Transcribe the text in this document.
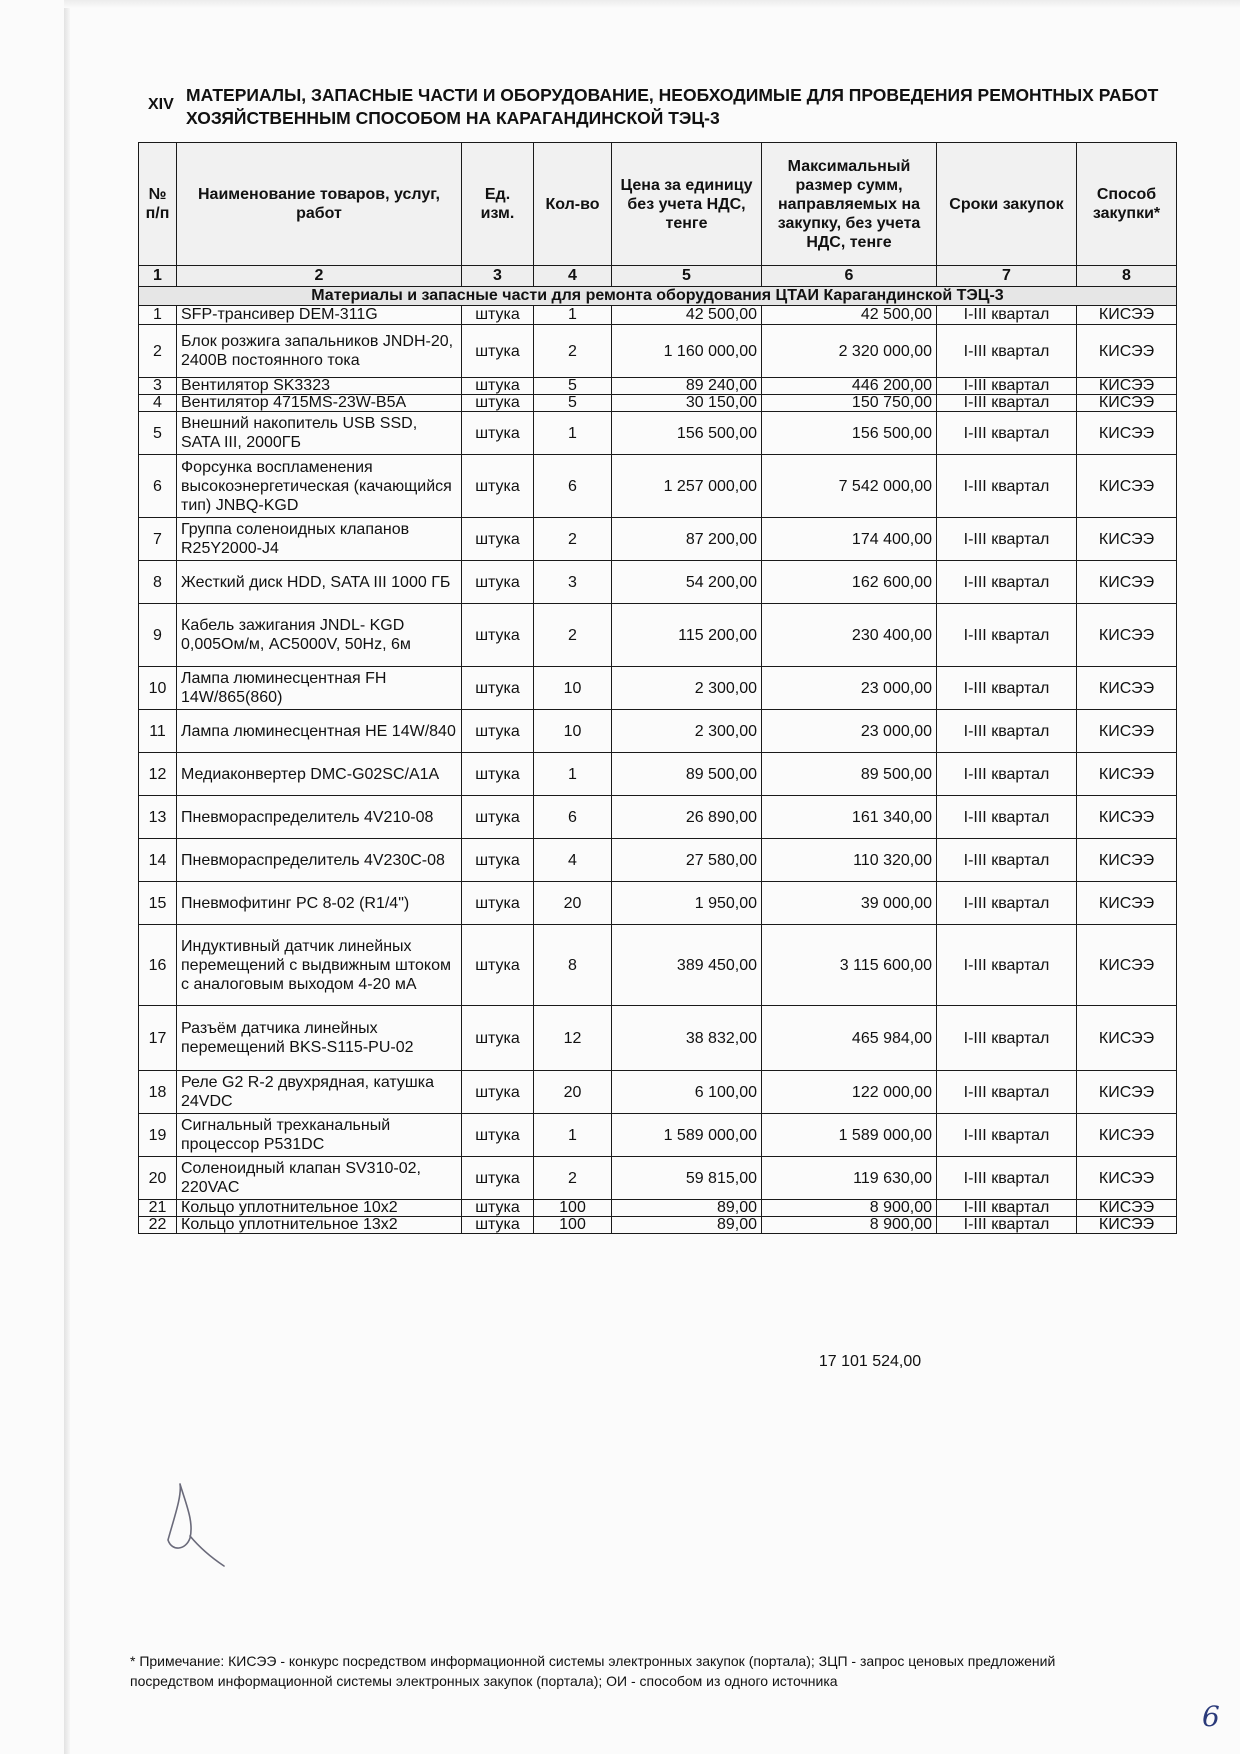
XIV МАТЕРИАЛЫ, ЗАПАСНЫЕ ЧАСТИ И ОБОРУДОВАНИЕ, НЕОБХОДИМЫЕ ДЛЯ ПРОВЕДЕНИЯ РЕМОНТНЫХ РАБОТ
ХОЗЯЙСТВЕННЫМ СПОСОБОМ НА КАРАГАНДИНСКОЙ ТЭЦ-3
№ п/п	Наименование товаров, услуг, работ	Ед. изм.	Кол-во	Цена за единицу без учета НДС, тенге	Максимальный размер сумм, направляемых на закупку, без учета НДС, тенге	Сроки закупок	Способ закупки*
1	2	3	4	5	6	7	8
Материалы и запасные части для ремонта оборудования ЦТАИ Карагандинской ТЭЦ-3							
1	SFP-трансивер DEM-311G	штука	1	42 500,00	42 500,00	I-III квартал	КИСЭЭ
2	Блок розжига запальников JNDH-20, 2400В постоянного тока	штука	2	1 160 000,00	2 320 000,00	I-III квартал	КИСЭЭ
3	Вентилятор SK3323	штука	5	89 240,00	446 200,00	I-III квартал	КИСЭЭ
4	Вентилятор 4715MS-23W-B5A	штука	5	30 150,00	150 750,00	I-III квартал	КИСЭЭ
5	Внешний накопитель USB SSD, SATA III, 2000ГБ	штука	1	156 500,00	156 500,00	I-III квартал	КИСЭЭ
6	Форсунка воспламенения высокоэнергетическая (качающийся тип) JNBQ-KGD	штука	6	1 257 000,00	7 542 000,00	I-III квартал	КИСЭЭ
7	Группа соленоидных клапанов R25Y2000-J4	штука	2	87 200,00	174 400,00	I-III квартал	КИСЭЭ
8	Жесткий диск HDD, SATA III 1000 ГБ	штука	3	54 200,00	162 600,00	I-III квартал	КИСЭЭ
9	Кабель зажигания JNDL- KGD 0,005Ом/м, AC5000V, 50Hz, 6м	штука	2	115 200,00	230 400,00	I-III квартал	КИСЭЭ
10	Лампа люминесцентная FH 14W/865(860)	штука	10	2 300,00	23 000,00	I-III квартал	КИСЭЭ
11	Лампа люминесцентная HE 14W/840	штука	10	2 300,00	23 000,00	I-III квартал	КИСЭЭ
12	Медиаконвертер DMC-G02SC/A1A	штука	1	89 500,00	89 500,00	I-III квартал	КИСЭЭ
13	Пневмораспределитель 4V210-08	штука	6	26 890,00	161 340,00	I-III квартал	КИСЭЭ
14	Пневмораспределитель 4V230C-08	штука	4	27 580,00	110 320,00	I-III квартал	КИСЭЭ
15	Пневмофитинг PC 8-02 (R1/4")	штука	20	1 950,00	39 000,00	I-III квартал	КИСЭЭ
16	Индуктивный датчик линейных перемещений с выдвижным штоком с аналоговым выходом 4-20 мА	штука	8	389 450,00	3 115 600,00	I-III квартал	КИСЭЭ
17	Разъём датчика линейных перемещений BKS-S115-PU-02	штука	12	38 832,00	465 984,00	I-III квартал	КИСЭЭ
18	Реле G2 R-2 двухрядная, катушка 24VDC	штука	20	6 100,00	122 000,00	I-III квартал	КИСЭЭ
19	Сигнальный трехканальный процессор P531DC	штука	1	1 589 000,00	1 589 000,00	I-III квартал	КИСЭЭ
20	Соленоидный клапан SV310-02, 220VAC	штука	2	59 815,00	119 630,00	I-III квартал	КИСЭЭ
21	Кольцо уплотнительное 10x2	штука	100	89,00	8 900,00	I-III квартал	КИСЭЭ
22	Кольцо уплотнительное 13x2	штука	100	89,00	8 900,00	I-III квартал	КИСЭЭ
17 101 524,00
* Примечание: КИСЭЭ - конкурс посредством информационной системы электронных закупок (портала); ЗЦП - запрос ценовых предложений посредством информационной системы электронных закупок (портала); ОИ - способом из одного источника
6
